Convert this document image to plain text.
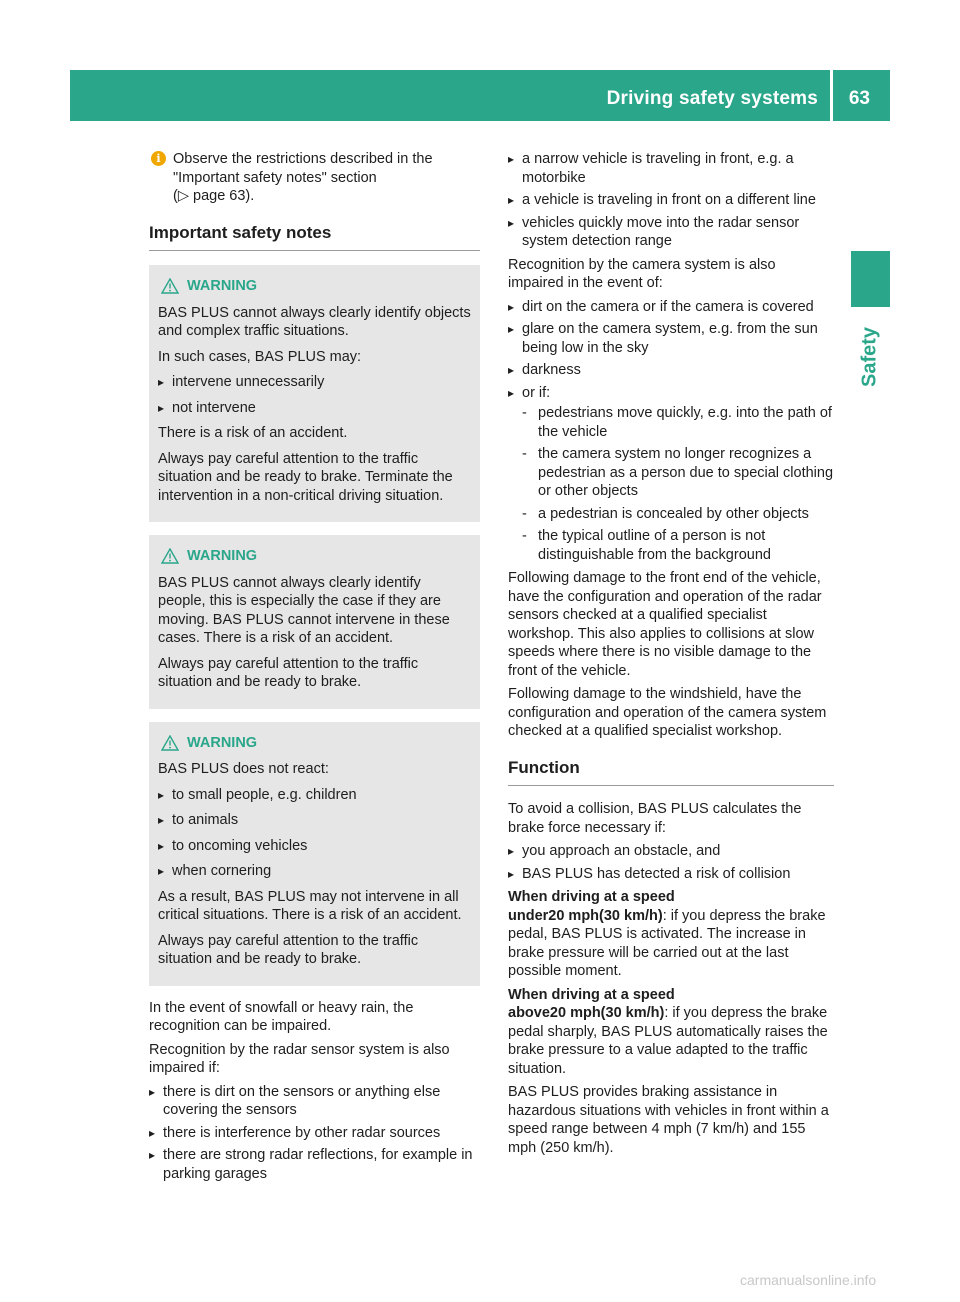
Driving safety systems 63
Safety
i Observe the restrictions described in the "Important safety notes" section
(▷ page 63).
Important safety notes
WARNING

BAS PLUS cannot always clearly identify objects and complex traffic situations.

In such cases, BAS PLUS may:

▸ intervene unnecessarily
▸ not intervene

There is a risk of an accident.

Always pay careful attention to the traffic situation and be ready to brake. Terminate the intervention in a non-critical driving situation.

WARNING

BAS PLUS cannot always clearly identify people, this is especially the case if they are moving. BAS PLUS cannot intervene in these cases. There is a risk of an accident.

Always pay careful attention to the traffic situation and be ready to brake.

WARNING

BAS PLUS does not react:

▸ to small people, e.g. children
▸ to animals
▸ to oncoming vehicles
▸ when cornering

As a result, BAS PLUS may not intervene in all critical situations. There is a risk of an accident.

Always pay careful attention to the traffic situation and be ready to brake.

In the event of snowfall or heavy rain, the recognition can be impaired.

Recognition by the radar sensor system is also impaired if:

▸ there is dirt on the sensors or anything else covering the sensors
▸ there is interference by other radar sources
▸ there are strong radar reflections, for example in parking garages
▸ a narrow vehicle is traveling in front, e.g. a motorbike
▸ a vehicle is traveling in front on a different line
▸ vehicles quickly move into the radar sensor system detection range

Recognition by the camera system is also impaired in the event of:

▸ dirt on the camera or if the camera is covered
▸ glare on the camera system, e.g. from the sun being low in the sky
▸ darkness
▸ or if:
- pedestrians move quickly, e.g. into the path of the vehicle
- the camera system no longer recognizes a pedestrian as a person due to special clothing or other objects
- a pedestrian is concealed by other objects
- the typical outline of a person is not distinguishable from the background

Following damage to the front end of the vehicle, have the configuration and operation of the radar sensors checked at a qualified specialist workshop. This also applies to collisions at slow speeds where there is no visible damage to the front of the vehicle.

Following damage to the windshield, have the configuration and operation of the camera system checked at a qualified specialist workshop.

Function

To avoid a collision, BAS PLUS calculates the brake force necessary if:

▸ you approach an obstacle, and
▸ BAS PLUS has detected a risk of collision

When driving at a speed
under20 mph(30 km/h): if you depress the brake pedal, BAS PLUS is activated. The increase in brake pressure will be carried out at the last possible moment.

When driving at a speed
above20 mph(30 km/h): if you depress the brake pedal sharply, BAS PLUS automatically raises the brake pressure to a value adapted to the traffic situation.

BAS PLUS provides braking assistance in hazardous situations with vehicles in front within a speed range between 4 mph (7 km/h) and 155 mph (250 km/h).

carmanualsonline.info
